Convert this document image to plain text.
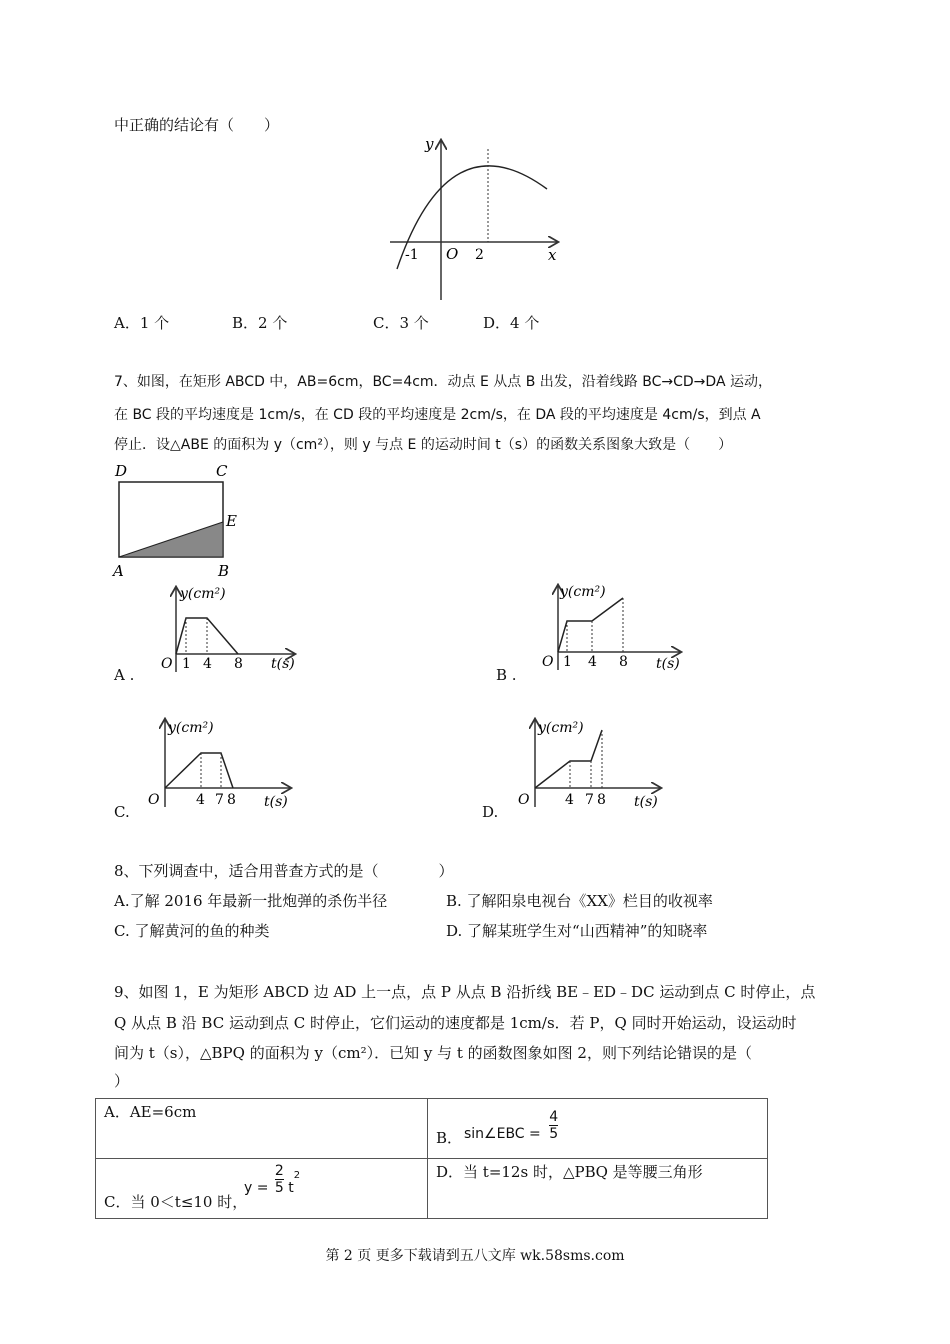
中正确的结论有（　　）
y
x
O
-1	2
A．1 个	B．2 个	C．3 个	D．4 个
7、如图，在矩形 ABCD 中，AB=6cm，BC=4cm．动点 E 从点 B 出发，沿着线路 BC→CD→DA 运动，
在 BC 段的平均速度是 1cm/s，在 CD 段的平均速度是 2cm/s，在 DA 段的平均速度是 4cm/s，到点 A
停止．设△ABE 的面积为 y（cm²），则 y 与点 E 的运动时间 t（s）的函数关系图象大致是（　　）
D	C
E
A	B
A .
y(cm²)
t(s)
O 1 4 8
B .
y(cm²)
t(s)
O 1 4 8
C.
y(cm²)
t(s)
O	4 7 8
D.
y(cm²)
t(s)
O	4 7 8
8、下列调查中，适合用普查方式的是（　　　　）
A.了解 2016 年最新一批炮弹的杀伤半径	B. 了解阳泉电视台《XX》栏目的收视率
C. 了解黄河的鱼的种类	D. 了解某班学生对“山西精神”的知晓率
9、如图 1，E 为矩形 ABCD 边 AD 上一点，点 P 从点 B 沿折线 BE﹣ED﹣DC 运动到点 C 时停止，点
Q 从点 B 沿 BC 运动到点 C 时停止，它们运动的速度都是 1cm/s．若 P，Q 同时开始运动，设运动时
间为 t（s），△BPQ 的面积为 y（cm²）．已知 y 与 t 的函数图象如图 2，则下列结论错误的是（
）
A．AE=6cm	B． sin∠EBC = $\frac{4}{5}$

C．当 0＜t≤10 时，
$y = \frac{2}{5} t^2$	D．当 t=12s 时，△PBQ 是等腰三角形
第 2 页 更多下载请到五八文库 wk.58sms.com
